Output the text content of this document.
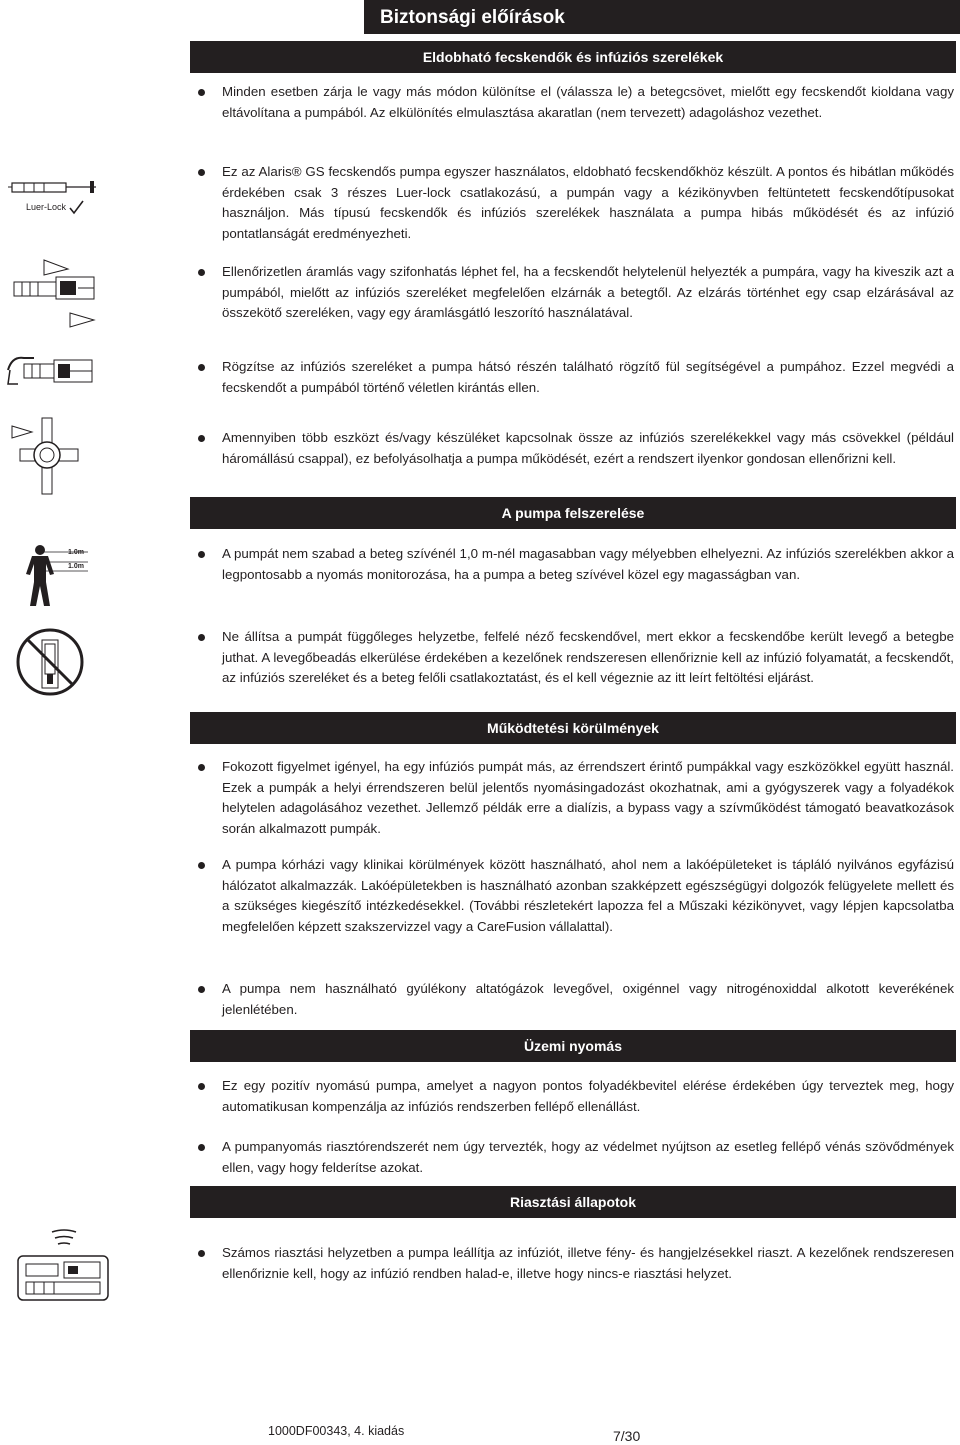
Biztonsági előírások
Eldobható fecskendők és infúziós szerelékek
Minden esetben zárja le vagy más módon különítse el (válassza le) a betegcsövet, mielőtt egy fecskendőt kioldana vagy eltávolítana a pumpából. Az elkülönítés elmulasztása akaratlan (nem tervezett) adagoláshoz vezethet.
Luer-Lock
Ez az Alaris® GS fecskendős pumpa egyszer használatos, eldobható fecskendőkhöz készült. A pontos és hibátlan működés érdekében csak 3 részes Luer-lock csatlakozású, a pumpán vagy a kézikönyvben feltüntetett fecskendőtípusokat használjon. Más típusú fecskendők és infúziós szerelékek használata a pumpa hibás működését és az infúzió pontatlanságát eredményezheti.
Ellenőrizetlen áramlás vagy szifonhatás léphet fel, ha a fecskendőt helytelenül helyezték a pumpára, vagy ha kiveszik azt a pumpából, mielőtt az infúziós szereléket megfelelően elzárnák a betegtől. Az elzárás történhet egy csap elzárásával az összekötő szereléken, vagy egy áramlásgátló leszorító használatával.
Rögzítse az infúziós szereléket a pumpa hátsó részén található rögzítő fül segítségével a pumpához. Ezzel megvédi a fecskendőt a pumpából történő véletlen kirántás ellen.
Amennyiben több eszközt és/vagy készüléket kapcsolnak össze az infúziós szerelékekkel vagy más csövekkel (például háromállású csappal), ez befolyásolhatja a pumpa működését, ezért a rendszert ilyenkor gondosan ellenőrizni kell.
A pumpa felszerelése
1.0m
1.0m
A pumpát nem szabad a beteg szívénél 1,0 m-nél magasabban vagy mélyebben elhelyezni. Az infúziós szerelékben akkor a legpontosabb a nyomás monitorozása, ha a pumpa a beteg szívével közel egy magasságban van.
Ne állítsa a pumpát függőleges helyzetbe, felfelé néző fecskendővel, mert ekkor a fecskendőbe került levegő a betegbe juthat. A levegőbeadás elkerülése érdekében a kezelőnek rendszeresen ellenőriznie kell az infúzió folyamatát, a fecskendőt, az infúziós szereléket és a beteg felőli csatlakoztatást, és el kell végeznie az itt leírt feltöltési eljárást.
Működtetési körülmények
Fokozott figyelmet igényel, ha egy infúziós pumpát más, az érrendszert érintő pumpákkal vagy eszközökkel együtt használ. Ezek a pumpák a helyi érrendszeren belül jelentős nyomásingadozást okozhatnak, ami a gyógyszerek vagy a folyadékok helytelen adagolásához vezethet. Jellemző példák erre a dialízis, a bypass vagy a szívműködést támogató beavatkozások során alkalmazott pumpák.
A pumpa kórházi vagy klinikai körülmények között használható, ahol nem a lakóépületeket is tápláló nyilvános egyfázisú hálózatot alkalmazzák. Lakóépületekben is használható azonban szakképzett egészségügyi dolgozók felügyelete mellett és a szükséges kiegészítő intézkedésekkel. (További részletekért lapozza fel a Műszaki kézikönyvet, vagy lépjen kapcsolatba megfelelően képzett szakszervizzel vagy a CareFusion vállalattal).
A pumpa nem használható gyúlékony altatógázok levegővel, oxigénnel vagy nitrogénoxiddal alkotott keverékének jelenlétében.
Üzemi nyomás
Ez egy pozitív nyomású pumpa, amelyet a nagyon pontos folyadékbevitel elérése érdekében úgy terveztek meg, hogy automatikusan kompenzálja az infúziós rendszerben fellépő ellenállást.
A pumpanyomás riasztórendszerét nem úgy tervezték, hogy az védelmet nyújtson az esetleg fellépő vénás szövődmények ellen, vagy hogy felderítse azokat.
Riasztási állapotok
Számos riasztási helyzetben a pumpa leállítja az infúziót, illetve fény- és hangjelzésekkel riaszt. A kezelőnek rendszeresen ellenőriznie kell, hogy az infúzió rendben halad-e, illetve hogy nincs-e riasztási helyzet.
1000DF00343, 4. kiadás	7/30
